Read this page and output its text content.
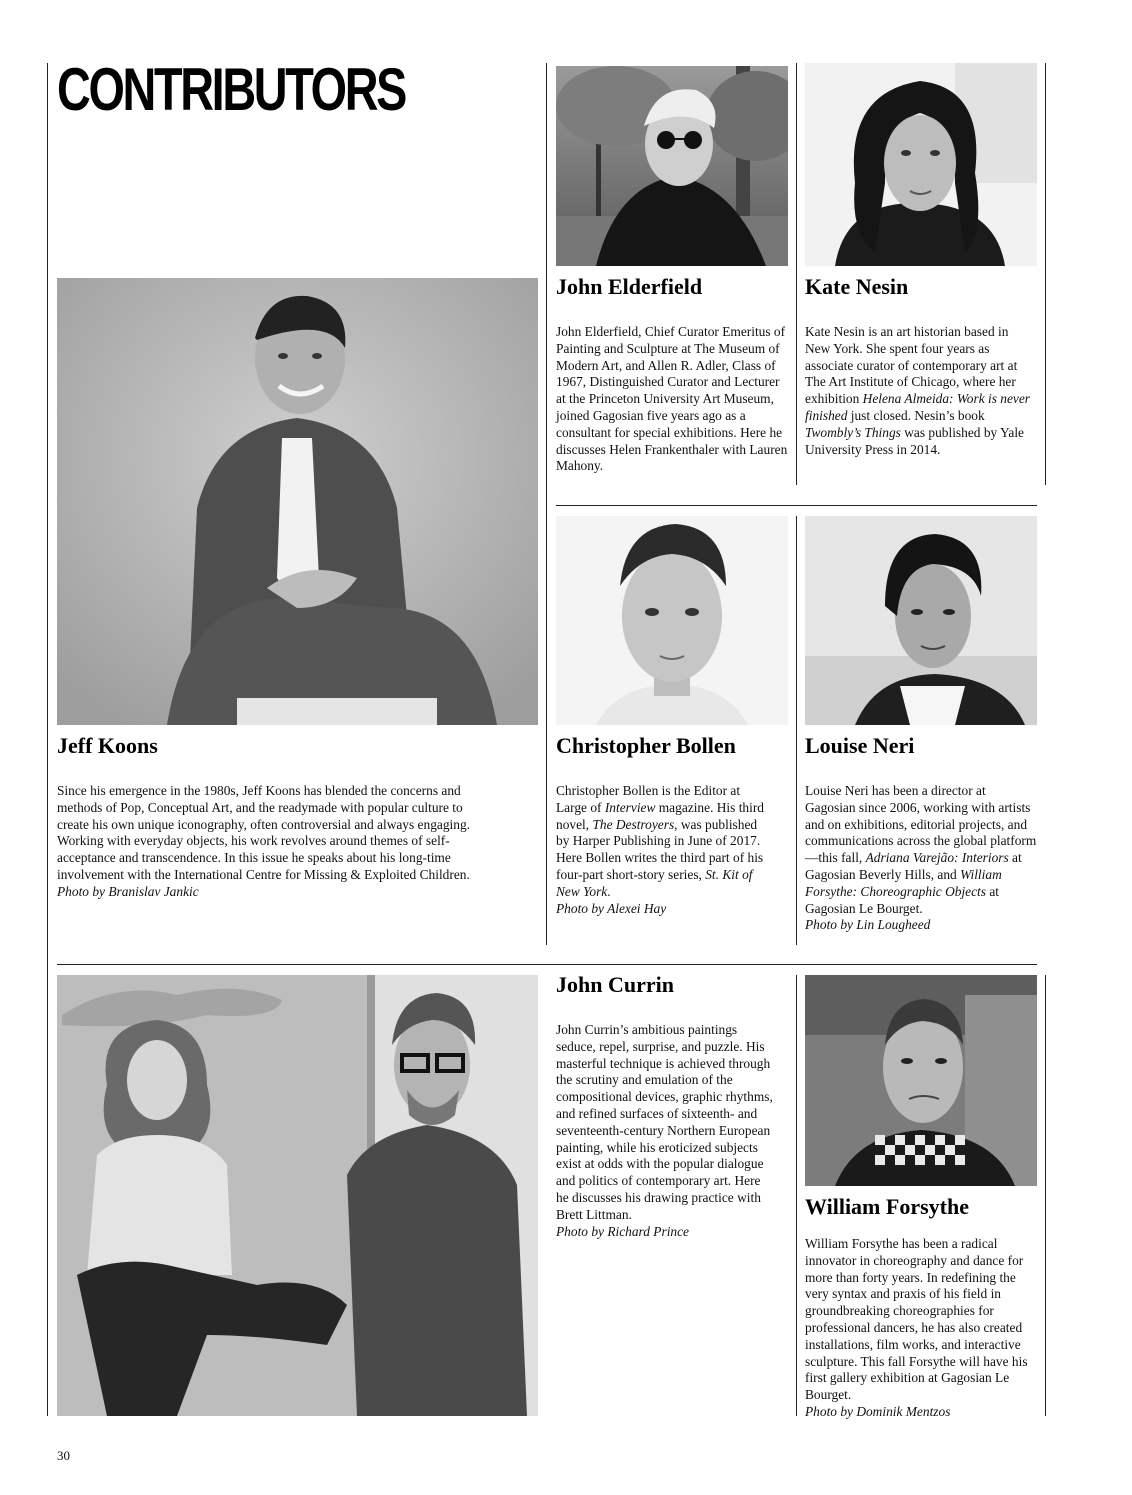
CONTRIBUTORS
John Elderfield

John Elderfield, Chief Curator Emeritus of Painting and Sculpture at The Museum of Modern Art, and Allen R. Adler, Class of 1967, Distinguished Curator and Lecturer at the Princeton University Art Museum, joined Gagosian five years ago as a consultant for special exhibitions. Here he discusses Helen Frankenthaler with Lauren Mahony.

Kate Nesin

Kate Nesin is an art historian based in New York. She spent four years as associate curator of contemporary art at The Art Institute of Chicago, where her exhibition Helena Almeida: Work is never finished just closed. Nesin’s book Twombly’s Things was published by Yale University Press in 2014.

Jeff Koons

Since his emergence in the 1980s, Jeff Koons has blended the concerns and methods of Pop, Conceptual Art, and the readymade with popular culture to create his own unique iconography, often controversial and always engaging. Working with everyday objects, his work revolves around themes of self-acceptance and transcendence. In this issue he speaks about his long-time involvement with the International Centre for Missing & Exploited Children.

Photo by Branislav Jankic
Christopher Bollen

Christopher Bollen is the Editor at Large of Interview magazine. His third novel, The Destroyers, was published by Harper Publishing in June of 2017. Here Bollen writes the third part of his four-part short-story series, St. Kit of New York.

Photo by Alexei Hay
Louise Neri

Louise Neri has been a director at Gagosian since 2006, working with artists and on exhibitions, editorial projects, and communications across the global platform—this fall, Adriana Varejão: Interiors at Gagosian Beverly Hills, and William Forsythe: Choreographic Objects at Gagosian Le Bourget.

Photo by Lin Lougheed
John Currin

John Currin’s ambitious paintings seduce, repel, surprise, and puzzle. His masterful technique is achieved through the scrutiny and emulation of the compositional devices, graphic rhythms, and refined surfaces of sixteenth- and seventeenth-century Northern European painting, while his eroticized subjects exist at odds with the popular dialogue and politics of contemporary art. Here he discusses his drawing practice with Brett Littman.

Photo by Richard Prince
William Forsythe

William Forsythe has been a radical innovator in choreography and dance for more than forty years. In redefining the very syntax and praxis of his field in groundbreaking choreographies for professional dancers, he has also created installations, film works, and interactive sculpture. This fall Forsythe will have his first gallery exhibition at Gagosian Le Bourget.

Photo by Dominik Mentzos
30
